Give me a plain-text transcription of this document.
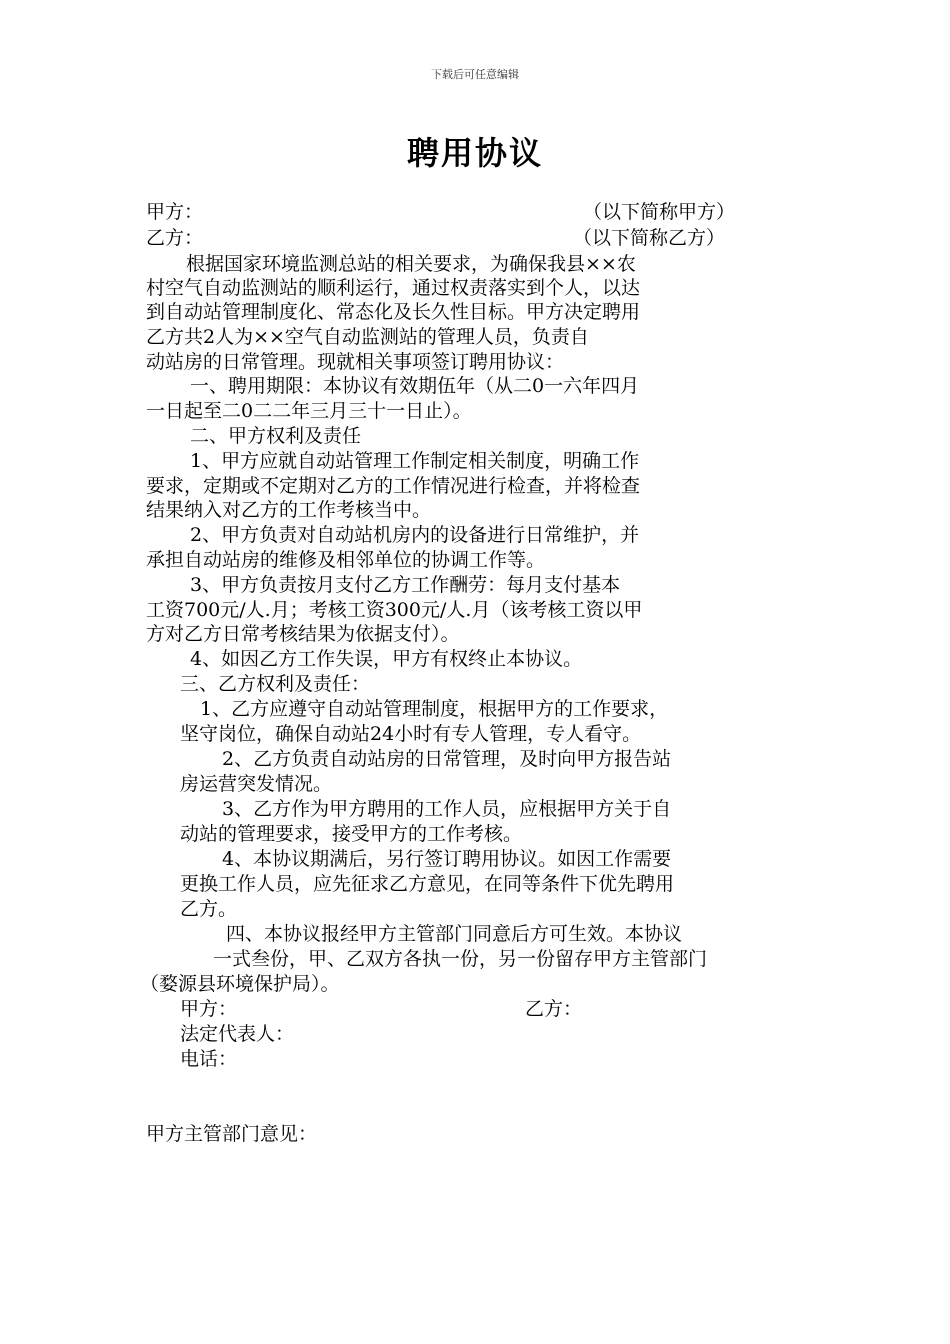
下载后可任意编辑
聘用协议
甲方：	（以下简称甲方）
乙方：	（以下简称乙方）
根据国家环境监测总站的相关要求，为确保我县××农
村空气自动监测站的顺利运行，通过权责落实到个人，以达
到自动站管理制度化、常态化及长久性目标。甲方决定聘用
乙方共2人为××空气自动监测站的管理人员，负责自
动站房的日常管理。现就相关事项签订聘用协议：
一、聘用期限：本协议有效期伍年（从二0一六年四月
一日起至二0二二年三月三十一日止）。
二、甲方权利及责任
1、甲方应就自动站管理工作制定相关制度，明确工作
要求，定期或不定期对乙方的工作情况进行检查，并将检查
结果纳入对乙方的工作考核当中。
2、甲方负责对自动站机房内的设备进行日常维护，并
承担自动站房的维修及相邻单位的协调工作等。
3、甲方负责按月支付乙方工作酬劳：每月支付基本
工资700元/人.月；考核工资300元/人.月（该考核工资以甲
方对乙方日常考核结果为依据支付）。
4、如因乙方工作失误，甲方有权终止本协议。
三、乙方权利及责任：
1、乙方应遵守自动站管理制度，根据甲方的工作要求，
坚守岗位，确保自动站24小时有专人管理，专人看守。
2、乙方负责自动站房的日常管理，及时向甲方报告站
房运营突发情况。
3、乙方作为甲方聘用的工作人员，应根据甲方关于自
动站的管理要求，接受甲方的工作考核。
4、本协议期满后，另行签订聘用协议。如因工作需要
更换工作人员，应先征求乙方意见，在同等条件下优先聘用
乙方。
四、本协议报经甲方主管部门同意后方可生效。本协议
一式叁份，甲、乙双方各执一份，另一份留存甲方主管部门
（婺源县环境保护局）。
甲方：	乙方：
法定代表人：
电话：
甲方主管部门意见：
